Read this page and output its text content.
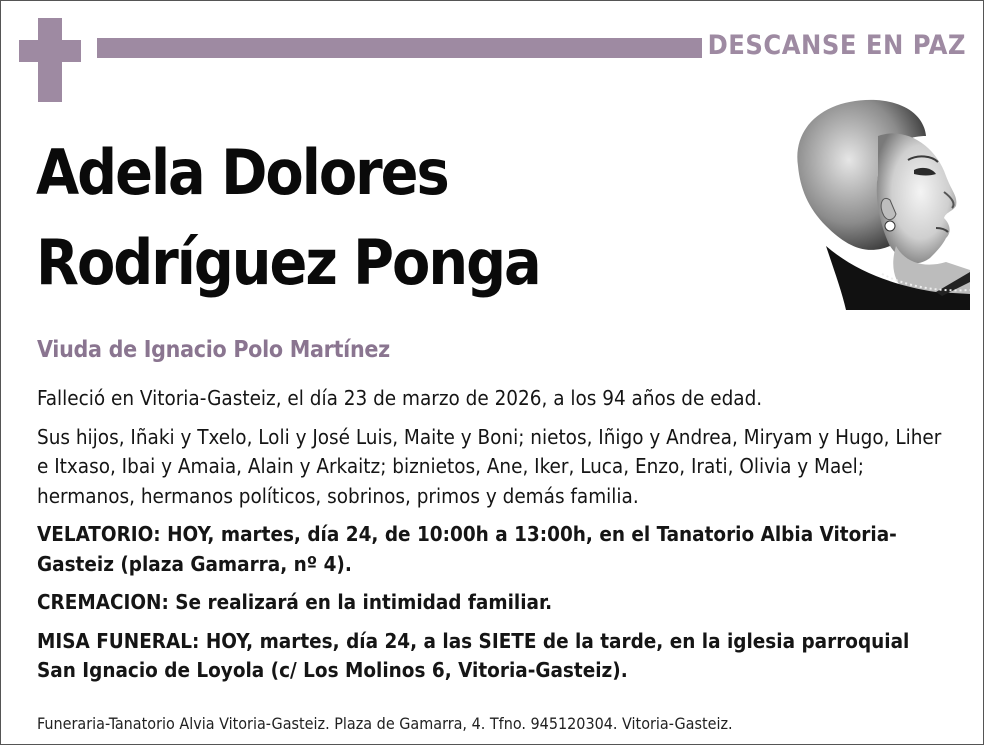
DESCANSE EN PAZ
Adela Dolores
Rodríguez Ponga
Viuda de Ignacio Polo Martínez

Falleció en Vitoria-Gasteiz, el día 23 de marzo de 2026, a los 94 años de edad.

Sus hijos, Iñaki y Txelo, Loli y José Luis, Maite y Boni; nietos, Iñigo y Andrea, Miryam y Hugo, Liher e Itxaso, Ibai y Amaia, Alain y Arkaitz; biznietos, Ane, Iker, Luca, Enzo, Irati, Olivia y Mael; hermanos, hermanos políticos, sobrinos, primos y demás familia.

VELATORIO: HOY, martes, día 24, de 10:00h a 13:00h, en el Tanatorio Albia Vitoria-Gasteiz (plaza Gamarra, nº 4).

CREMACION: Se realizará en la intimidad familiar.

MISA FUNERAL: HOY, martes, día 24, a las SIETE de la tarde, en la iglesia parroquial San Ignacio de Loyola (c/ Los Molinos 6, Vitoria-Gasteiz).

Funeraria-Tanatorio Alvia Vitoria-Gasteiz. Plaza de Gamarra, 4. Tfno. 945120304. Vitoria-Gasteiz.
